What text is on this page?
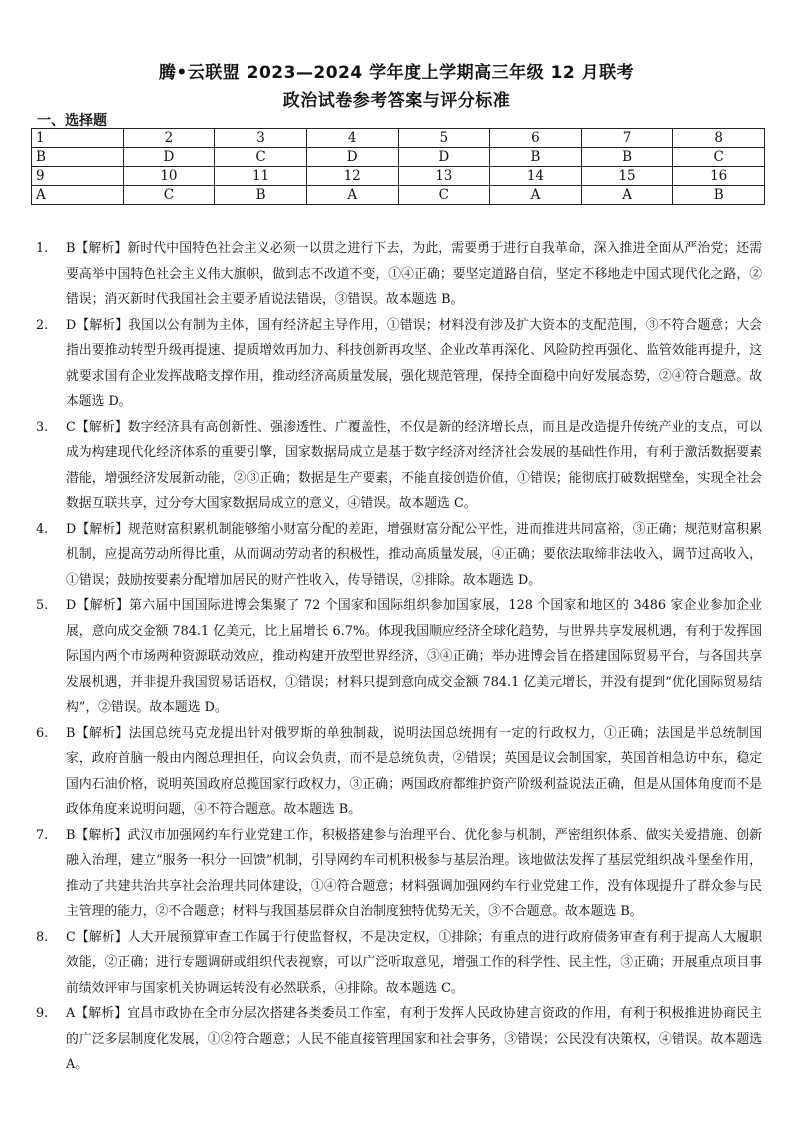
腾•云联盟 2023—2024 学年度上学期高三年级 12 月联考
政治试卷参考答案与评分标准
一、选择题
1	2	3	4	5	6	7	8
B	D	C	D	D	B	B	C
9	10	11	12	13	14	15	16
A	C	B	A	C	A	A	B
1.	B【解析】新时代中国特色社会主义必须一以贯之进行下去，为此，需要勇于进行自我革命，深入推进全面从严治党；还需要高举中国特色社会主义伟大旗帜，做到志不改道不变，①④正确；要坚定道路自信，坚定不移地走中国式现代化之路，②错误；消灭新时代我国社会主要矛盾说法错误，③错误。故本题选 B。
2.	D【解析】我国以公有制为主体，国有经济起主导作用，①错误；材料没有涉及扩大资本的支配范围，③不符合题意；大会指出要推动转型升级再提速、提质增效再加力、科技创新再攻坚、企业改革再深化、风险防控再强化、监管效能再提升，这就要求国有企业发挥战略支撑作用，推动经济高质量发展，强化规范管理，保持全面稳中向好发展态势，②④符合题意。故本题选 D。
3.	C【解析】数字经济具有高创新性、强渗透性、广覆盖性，不仅是新的经济增长点，而且是改造提升传统产业的支点，可以成为构建现代化经济体系的重要引擎，国家数据局成立是基于数字经济对经济社会发展的基础性作用，有利于激活数据要素潜能，增强经济发展新动能，②③正确；数据是生产要素，不能直接创造价值，①错误；能彻底打破数据壁垒，实现全社会数据互联共享，过分夸大国家数据局成立的意义，④错误。故本题选 C。
4.	D【解析】规范财富积累机制能够缩小财富分配的差距，增强财富分配公平性，进而推进共同富裕，③正确；规范财富积累机制，应提高劳动所得比重，从而调动劳动者的积极性，推动高质量发展，④正确；要依法取缔非法收入，调节过高收入，①错误；鼓励按要素分配增加居民的财产性收入，传导错误，②排除。故本题选 D。
5.	D【解析】第六届中国国际进博会集聚了 72 个国家和国际组织参加国家展，128 个国家和地区的 3486 家企业参加企业展，意向成交金额 784.1 亿美元，比上届增长 6.7%。体现我国顺应经济全球化趋势，与世界共享发展机遇，有利于发挥国际国内两个市场两种资源联动效应，推动构建开放型世界经济，③④正确；举办进博会旨在搭建国际贸易平台，与各国共享发展机遇，并非提升我国贸易话语权，①错误；材料只提到意向成交金额 784.1 亿美元增长，并没有提到“优化国际贸易结构”，②错误。故本题选 D。
6.	B【解析】法国总统马克龙提出针对俄罗斯的单独制裁，说明法国总统拥有一定的行政权力，①正确；法国是半总统制国家，政府首脑一般由内阁总理担任，向议会负责，而不是总统负责，②错误；英国是议会制国家，英国首相急访中东，稳定国内石油价格，说明英国政府总揽国家行政权力，③正确；两国政府都维护资产阶级利益说法正确，但是从国体角度而不是政体角度来说明问题，④不符合题意。故本题选 B。
7.	B【解析】武汉市加强网约车行业党建工作，积极搭建参与治理平台、优化参与机制，严密组织体系、做实关爱措施、创新融入治理，建立“服务一积分一回馈”机制，引导网约车司机积极参与基层治理。该地做法发挥了基层党组织战斗堡垒作用，推动了共建共治共享社会治理共同体建设，①④符合题意；材料强调加强网约车行业党建工作，没有体现提升了群众参与民主管理的能力，②不合题意；材料与我国基层群众自治制度独特优势无关，③不合题意。故本题选 B。
8.	C【解析】人大开展预算审查工作属于行使监督权，不是决定权，①排除；有重点的进行政府债务审查有利于提高人大履职效能，②正确；进行专题调研或组织代表视察，可以广泛听取意见，增强工作的科学性、民主性，③正确；开展重点项目事前绩效评审与国家机关协调运转没有必然联系，④排除。故本题选 C。
9.	A【解析】宜昌市政协在全市分层次搭建各类委员工作室，有利于发挥人民政协建言资政的作用，有利于积极推进协商民主的广泛多层制度化发展，①②符合题意；人民不能直接管理国家和社会事务，③错误；公民没有决策权，④错误。故本题选 A。
